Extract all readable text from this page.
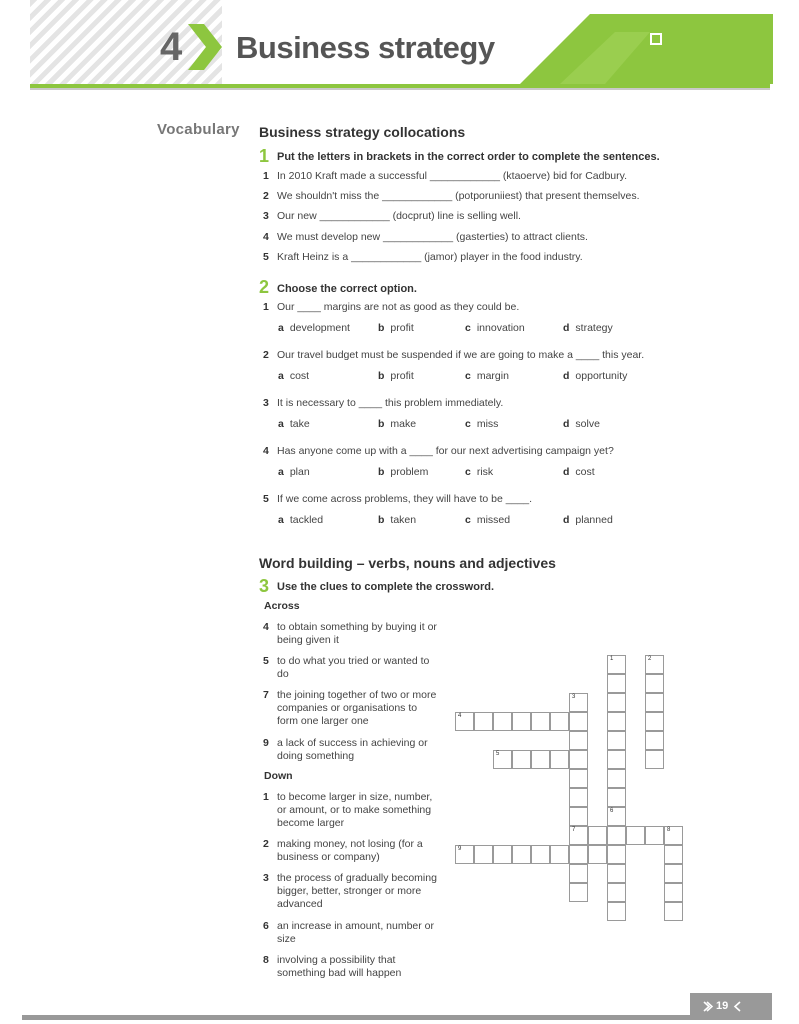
4 Business strategy
Vocabulary Business strategy collocations
1 Put the letters in brackets in the correct order to complete the sentences.
1 In 2010 Kraft made a successful ____________ (ktaoerve) bid for Cadbury.
2 We shouldn't miss the ____________ (potporuniiest) that present themselves.
3 Our new ____________ (docprut) line is selling well.
4 We must develop new ____________ (gasterties) to attract clients.
5 Kraft Heinz is a ____________ (jamor) player in the food industry.
2 Choose the correct option.
Word building – verbs, nouns and adjectives
3 Use the clues to complete the crossword.
Across
4 to obtain something by buying it or being given it
5 to do what you tried or wanted to do
7 the joining together of two or more companies or organisations to form one larger one
9 a lack of success in achieving or doing something
Down
1 to become larger in size, number, or amount, or to make something become larger
2 making money, not losing (for a business or company)
3 the process of gradually becoming bigger, better, stronger or more advanced
6 an increase in amount, number or size
8 involving a possibility that something bad will happen
1	2
3
4
5
6
7	8
9
19
1 Our ____ margins are not as good as they could be.
a development	b profit	c innovation	d strategy
2 Our travel budget must be suspended if we are going to make a ____ this year.
a cost	b profit	c margin	d opportunity
3 It is necessary to ____ this problem immediately.
a take	b make	c miss	d solve
4 Has anyone come up with a ____ for our next advertising campaign yet?
a plan	b problem	c risk	d cost
5 If we come across problems, they will have to be ____.
a tackled	b taken	c missed	d planned
